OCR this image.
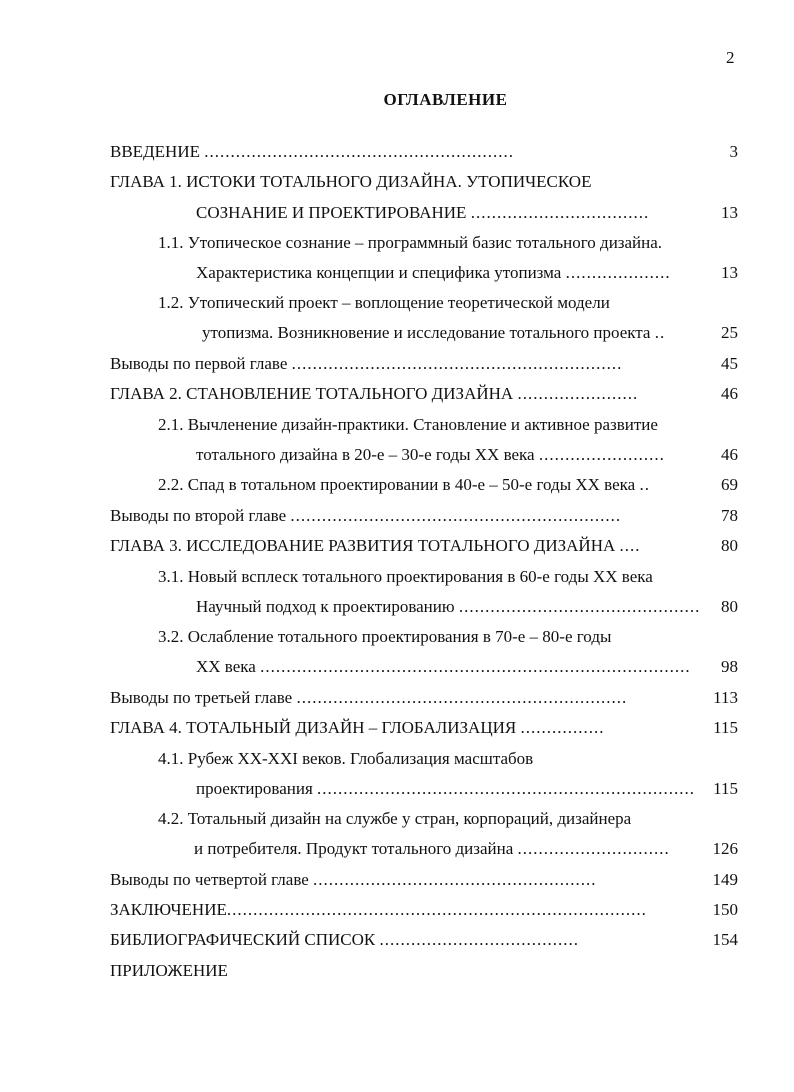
2
ОГЛАВЛЕНИЕ
ВВЕДЕНИЕ ...........................................................	3
ГЛАВА 1. ИСТОКИ ТОТАЛЬНОГО ДИЗАЙНА. УТОПИЧЕСКОЕ
СОЗНАНИЕ И ПРОЕКТИРОВАНИЕ ..................................	13
1.1. Утопическое сознание – программный базис тотального дизайна.
Характеристика концепции и специфика утопизма ....................	13
1.2. Утопический проект – воплощение теоретической модели
утопизма. Возникновение и исследование тотального проекта ..	25
Выводы по первой главе ...............................................................	45
ГЛАВА 2. СТАНОВЛЕНИЕ ТОТАЛЬНОГО ДИЗАЙНА .......................	46
2.1. Вычленение дизайн-практики. Становление и активное развитие
тотального дизайна в 20-е – 30-е годы XX века ........................	46
2.2. Спад в тотальном проектировании в 40-е – 50-е годы XX века ..	69
Выводы по второй главе ...............................................................	78
ГЛАВА 3. ИССЛЕДОВАНИЕ РАЗВИТИЯ ТОТАЛЬНОГО ДИЗАЙНА ....	80
3.1. Новый всплеск тотального проектирования в 60-е годы XX века
Научный подход к проектированию ..............................................	80
3.2. Ослабление тотального проектирования в 70-е – 80-е годы
XX века ..................................................................................	98
Выводы по третьей главе ...............................................................	113
ГЛАВА 4. ТОТАЛЬНЫЙ ДИЗАЙН – ГЛОБАЛИЗАЦИЯ ................	115
4.1. Рубеж XX-XXI веков. Глобализация масштабов
проектирования ........................................................................	115
4.2. Тотальный дизайн на службе у стран, корпораций, дизайнера
и потребителя. Продукт тотального дизайна .............................	126
Выводы по четвертой главе ......................................................	149
ЗАКЛЮЧЕНИЕ................................................................................	150
БИБЛИОГРАФИЧЕСКИЙ СПИСОК ......................................	154
ПРИЛОЖЕНИЕ
